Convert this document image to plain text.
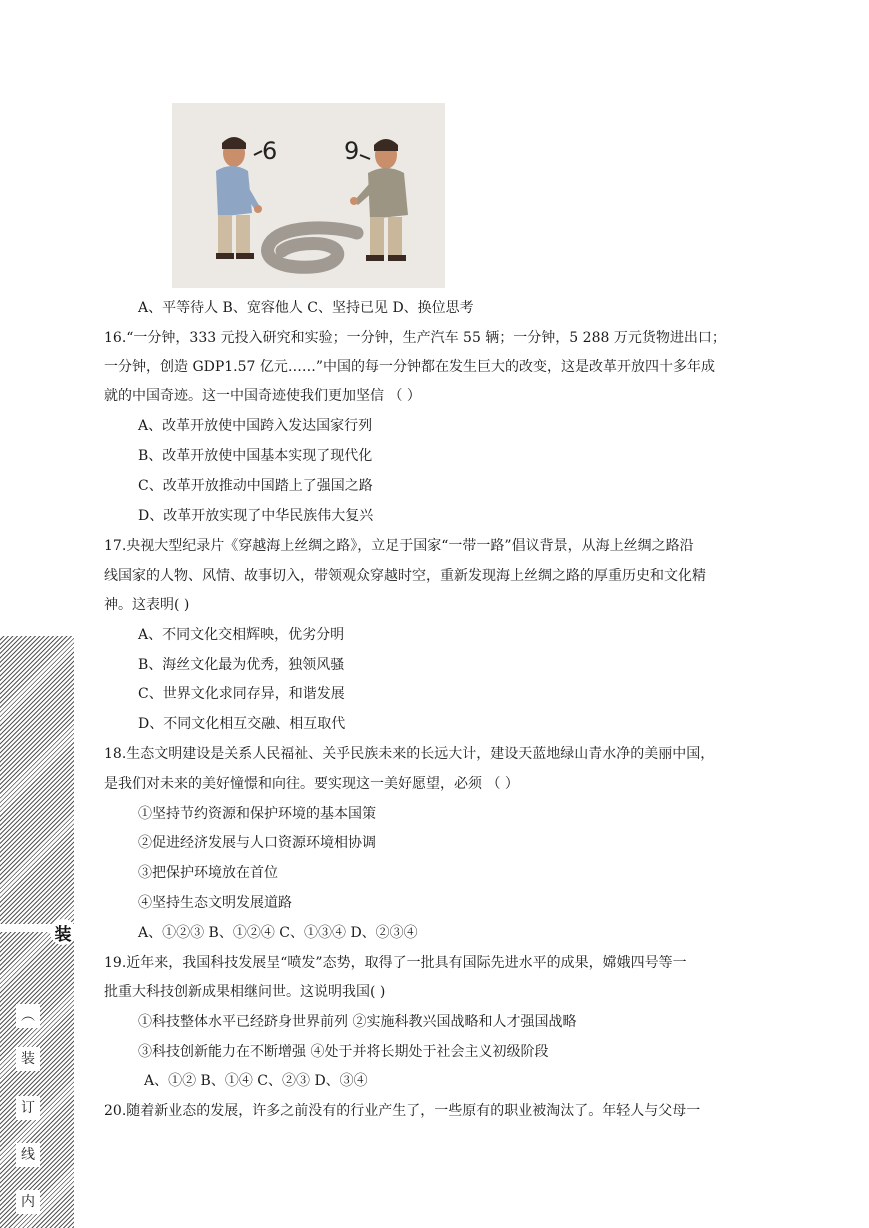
6
6	9
A、平等待人 B、宽容他人 C、坚持已见 D、换位思考
16.“一分钟，333 元投入研究和实验；一分钟，生产汽车 55 辆；一分钟，5 288 万元货物进出口；
一分钟，创造 GDP1.57 亿元……”中国的每一分钟都在发生巨大的改变，这是改革开放四十多年成
就的中国奇迹。这一中国奇迹使我们更加坚信 （ ）
A、改革开放使中国跨入发达国家行列
B、改革开放使中国基本实现了现代化
C、改革开放推动中国踏上了强国之路
D、改革开放实现了中华民族伟大复兴
17.央视大型纪录片《穿越海上丝绸之路》，立足于国家“一带一路”倡议背景，从海上丝绸之路沿
线国家的人物、风情、故事切入，带领观众穿越时空，重新发现海上丝绸之路的厚重历史和文化精
神。这表明( )
A、不同文化交相辉映，优劣分明
B、海丝文化最为优秀，独领风骚
C、世界文化求同存异，和谐发展
D、不同文化相互交融、相互取代
18.生态文明建设是关系人民福祉、关乎民族未来的长远大计，建设天蓝地绿山青水净的美丽中国，
是我们对未来的美好憧憬和向往。要实现这一美好愿望，必须 （ ）
①坚持节约资源和保护环境的基本国策
②促进经济发展与人口资源环境相协调
③把保护环境放在首位
④坚持生态文明发展道路
A、①②③ B、①②④ C、①③④ D、②③④
19.近年来，我国科技发展呈“喷发”态势，取得了一批具有国际先进水平的成果，嫦娥四号等一
批重大科技创新成果相继问世。这说明我国( )
①科技整体水平已经跻身世界前列 ②实施科教兴国战略和人才强国战略
③科技创新能力在不断增强 ④处于并将长期处于社会主义初级阶段
A、①② B、①④ C、②③ D、③④
20.随着新业态的发展，许多之前没有的行业产生了，一些原有的职业被淘汰了。年轻人与父母一
装
︵
装
订
线
内
